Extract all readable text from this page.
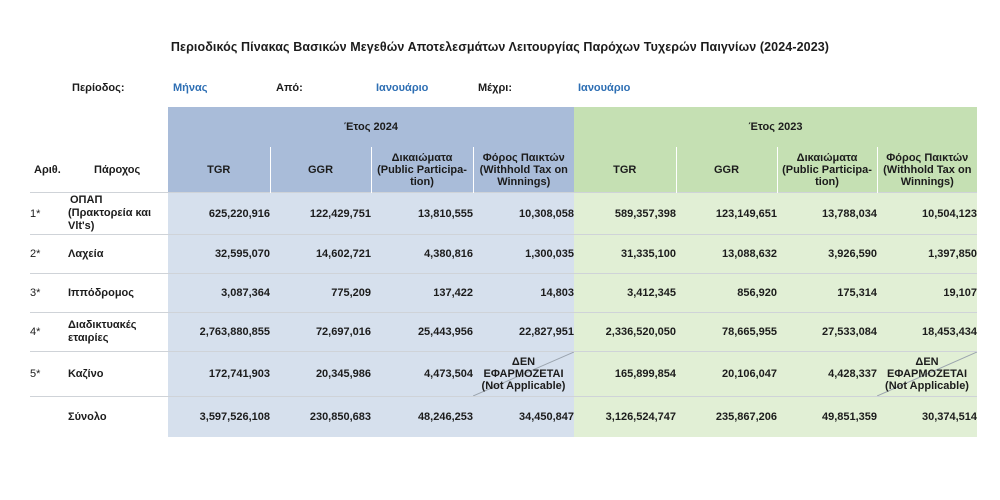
Περιοδικός Πίνακας Βασικών Μεγεθών Αποτελεσμάτων Λειτουργίας Παρόχων Τυχερών Παιγνίων (2024-2023)
Περίοδος:	Μήνας	Από:	Ιανουάριο	Μέχρι:	Ιανουάριο
		Έτος 2024				Έτος 2023			
Αριθ.	Πάροχος	TGR	GGR	Δικαιώματα
(Public Participa-
tion)	Φόρος Παικτών
(Withhold Tax on
Winnings)	TGR	GGR	Δικαιώματα
(Public Participa-
tion)	Φόρος Παικτών
(Withhold Tax on
Winnings)
1*	ΟΠΑΠ
(Πρακτορεία και
Vlt's)	625,220,916	122,429,751	13,810,555	10,308,058	589,357,398	123,149,651	13,788,034	10,504,123
2*	Λαχεία	32,595,070	14,602,721	4,380,816	1,300,035	31,335,100	13,088,632	3,926,590	1,397,850
3*	Ιππόδρομος	3,087,364	775,209	137,422	14,803	3,412,345	856,920	175,314	19,107
4*	Διαδικτυακές
εταιρίες	2,763,880,855	72,697,016	25,443,956	22,827,951	2,336,520,050	78,665,955	27,533,084	18,453,434
5*	Καζίνο	172,741,903	20,345,986	4,473,504	ΔΕΝ
ΕΦΑΡΜΟΖΕΤΑΙ
(Not Applicable)	165,899,854	20,106,047	4,428,337	ΔΕΝ
ΕΦΑΡΜΟΖΕΤΑΙ
(Not Applicable)
	Σύνολο	3,597,526,108	230,850,683	48,246,253	34,450,847	3,126,524,747	235,867,206	49,851,359	30,374,514
